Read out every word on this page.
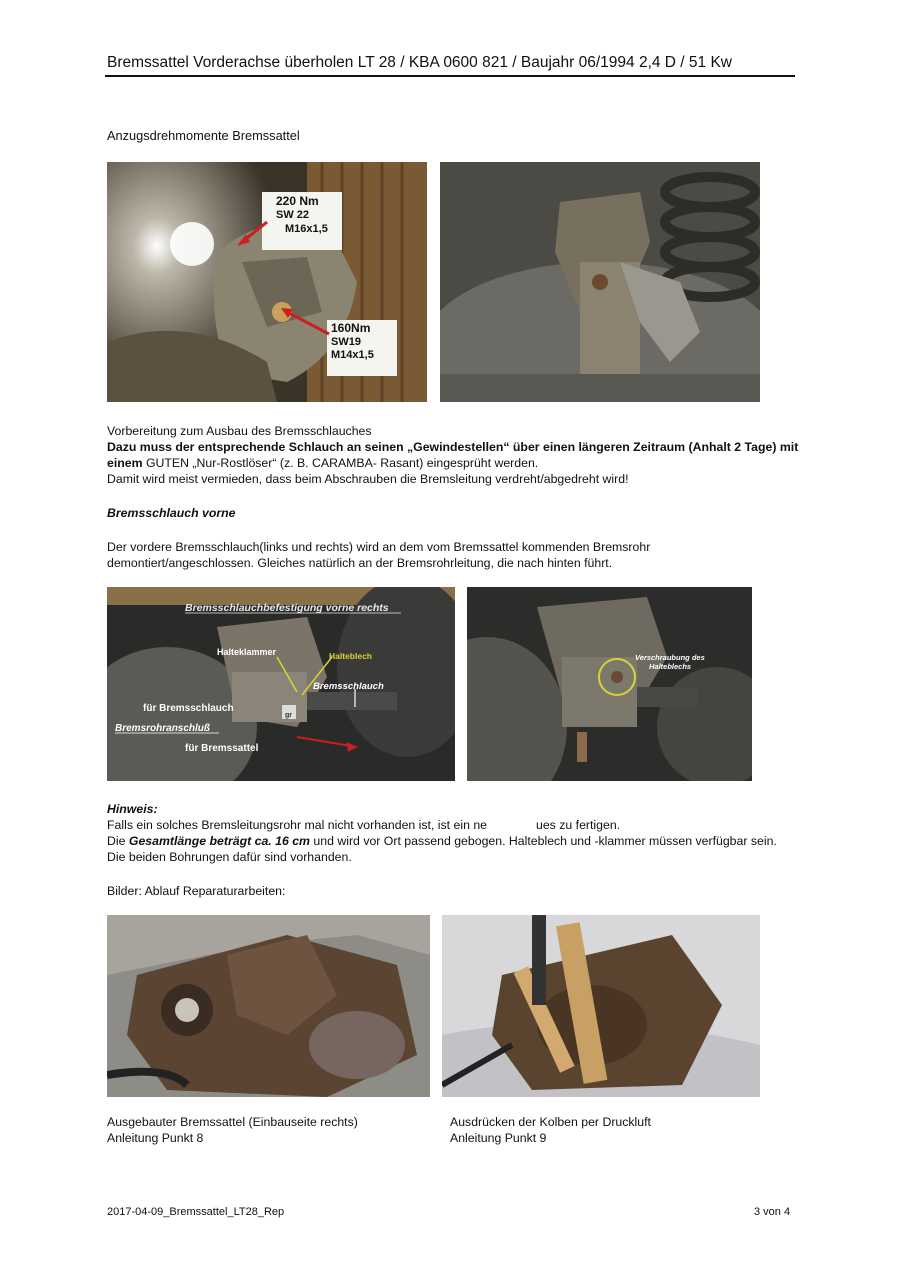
Bremssattel Vorderachse überholen LT 28 / KBA 0600 821 / Baujahr 06/1994 2,4 D / 51 Kw
Anzugsdrehmomente Bremssattel
220 Nm
SW 22
M16x1,5
160Nm
SW19
M14x1,5
Vorbereitung zum Ausbau des Bremsschlauches
Dazu muss der entsprechende Schlauch an seinen „Gewindestellen“ über einen längeren Zeitraum (Anhalt 2 Tage) mit
einem GUTEN „Nur-Rostlöser“ (z. B. CARAMBA- Rasant) eingesprüht werden.
Damit wird meist vermieden, dass beim Abschrauben die Bremsleitung verdreht/abgedreht wird!
Bremsschlauch vorne
Der vordere Bremsschlauch(links und rechts) wird an dem vom Bremssattel kommenden Bremsrohr
demontiert/angeschlossen. Gleiches natürlich an der Bremsrohrleitung, die nach hinten führt.
Bremsschlauchbefestigung vorne rechts
Halteklammer	Halteblech
Bremsschlauch
gr
für Bremsschlauch
Bremsrohranschluß
für Bremssattel
Verschraubung des
Halteblechs
Hinweis:
Falls ein solches Bremsleitungsrohr mal nicht vorhanden ist, ist ein ne	ues zu fertigen.
Die Gesamtlänge beträgt ca. 16 cm und wird vor Ort passend gebogen. Halteblech und -klammer müssen verfügbar sein.
Die beiden Bohrungen dafür sind vorhanden.
Bilder: Ablauf Reparaturarbeiten:
Ausgebauter Bremssattel (Einbauseite rechts)
Anleitung Punkt 8
Ausdrücken der Kolben per Druckluft
Anleitung Punkt 9
2017-04-09_Bremssattel_LT28_Rep	3 von 4
